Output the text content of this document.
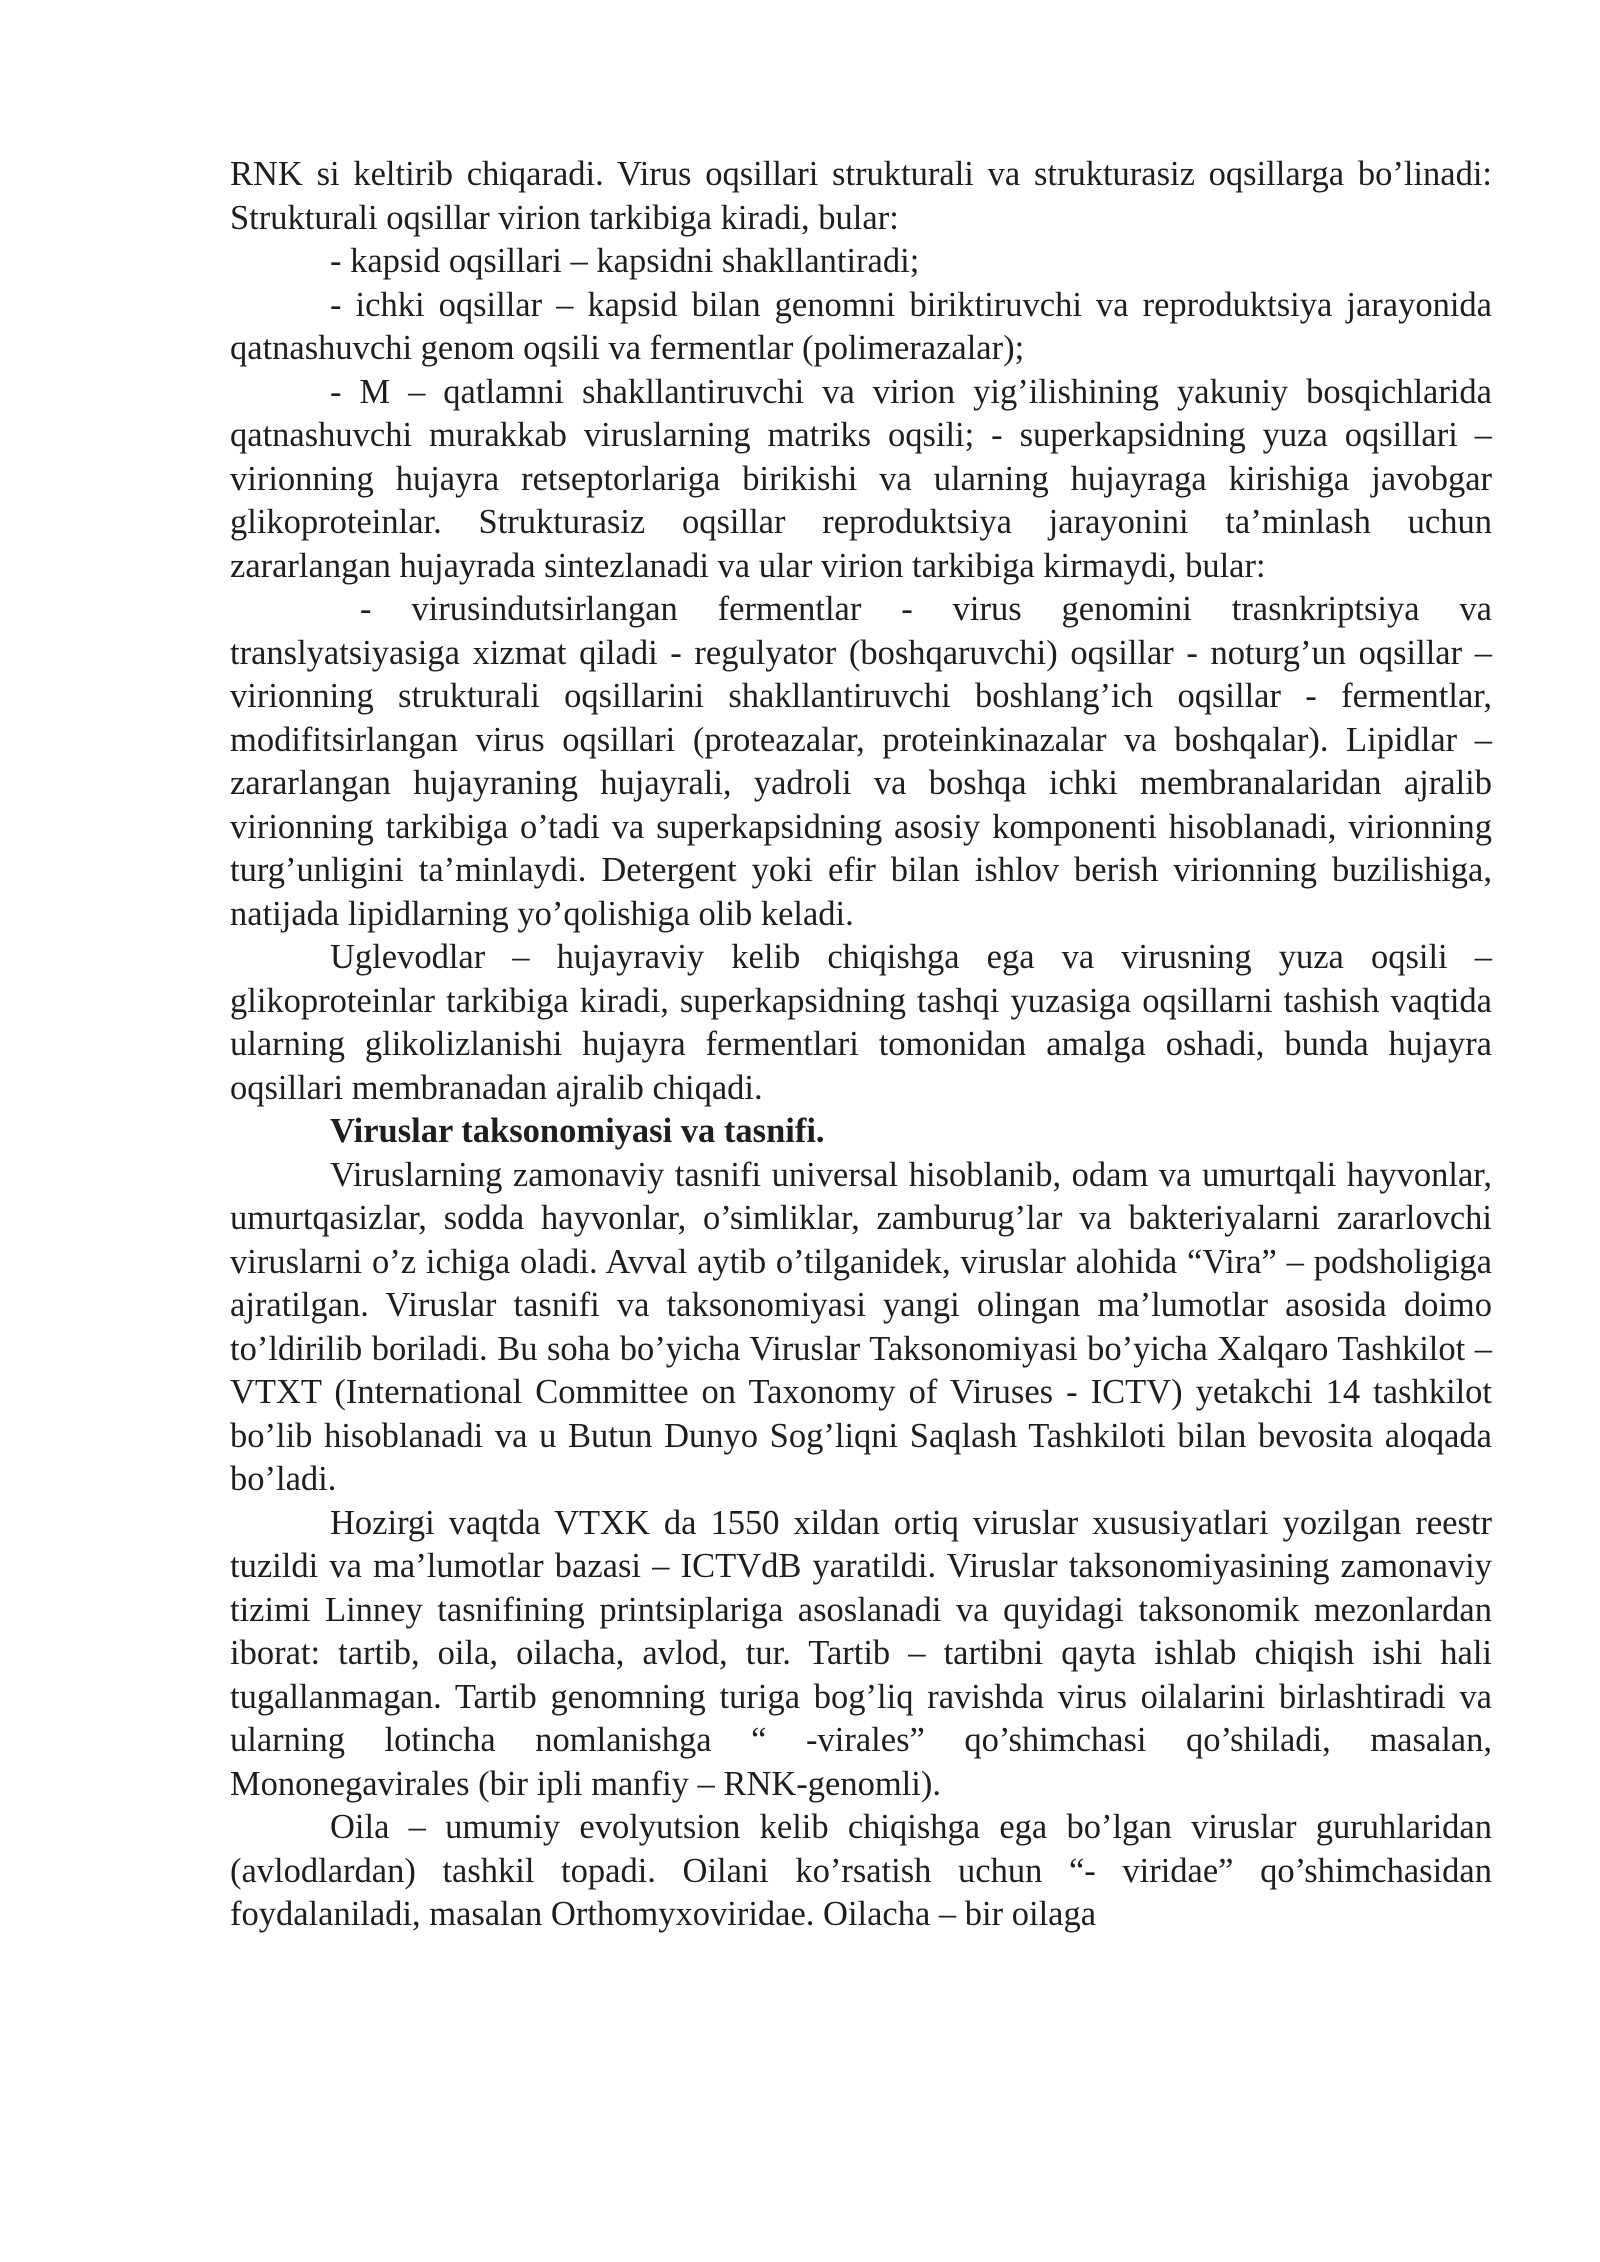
RNK si keltirib chiqaradi. Virus oqsillari strukturali va strukturasiz oqsillarga bo’linadi: Strukturali oqsillar virion tarkibiga kiradi, bular:

- kapsid oqsillari – kapsidni shakllantiradi;

- ichki oqsillar – kapsid bilan genomni biriktiruvchi va reproduktsiya jarayonida qatnashuvchi genom oqsili va fermentlar (polimerazalar);

- M – qatlamni shakllantiruvchi va virion yig’ilishining yakuniy bosqichlarida qatnashuvchi murakkab viruslarning matriks oqsili; - superkapsidning yuza oqsillari – virionning hujayra retseptorlariga birikishi va ularning hujayraga kirishiga javobgar glikoproteinlar. Strukturasiz oqsillar reproduktsiya jarayonini ta’minlash uchun zararlangan hujayrada sintezlanadi va ular virion tarkibiga kirmaydi, bular:

- virusindutsirlangan fermentlar - virus genomini trasnkriptsiya va translyatsiyasiga xizmat qiladi - regulyator (boshqaruvchi) oqsillar - noturg’un oqsillar – virionning strukturali oqsillarini shakllantiruvchi boshlang’ich oqsillar - fermentlar, modifitsirlangan virus oqsillari (proteazalar, proteinkinazalar va boshqalar). Lipidlar – zararlangan hujayraning hujayrali, yadroli va boshqa ichki membranalaridan ajralib virionning tarkibiga o’tadi va superkapsidning asosiy komponenti hisoblanadi, virionning turg’unligini ta’minlaydi. Detergent yoki efir bilan ishlov berish virionning buzilishiga, natijada lipidlarning yo’qolishiga olib keladi.

Uglevodlar – hujayraviy kelib chiqishga ega va virusning yuza oqsili – glikoproteinlar tarkibiga kiradi, superkapsidning tashqi yuzasiga oqsillarni tashish vaqtida ularning glikolizlanishi hujayra fermentlari tomonidan amalga oshadi, bunda hujayra oqsillari membranadan ajralib chiqadi.

Viruslar taksonomiyasi va tasnifi.

Viruslarning zamonaviy tasnifi universal hisoblanib, odam va umurtqali hayvonlar, umurtqasizlar, sodda hayvonlar, o’simliklar, zamburug’lar va bakteriyalarni zararlovchi viruslarni o’z ichiga oladi. Avval aytib o’tilganidek, viruslar alohida “Vira” – podsholigiga ajratilgan. Viruslar tasnifi va taksonomiyasi yangi olingan ma’lumotlar asosida doimo to’ldirilib boriladi. Bu soha bo’yicha Viruslar Taksonomiyasi bo’yicha Xalqaro Tashkilot – VTXT (International Committee on Taxonomy of Viruses - ICTV) yetakchi 14 tashkilot bo’lib hisoblanadi va u Butun Dunyo Sog’liqni Saqlash Tashkiloti bilan bevosita aloqada bo’ladi.

Hozirgi vaqtda VTXK da 1550 xildan ortiq viruslar xususiyatlari yozilgan reestr tuzildi va ma’lumotlar bazasi – ICTVdB yaratildi. Viruslar taksonomiyasining zamonaviy tizimi Linney tasnifining printsiplariga asoslanadi va quyidagi taksonomik mezonlardan iborat: tartib, oila, oilacha, avlod, tur. Tartib – tartibni qayta ishlab chiqish ishi hali tugallanmagan. Tartib genomning turiga bog’liq ravishda virus oilalarini birlashtiradi va ularning lotincha nomlanishga “ -virales” qo’shimchasi qo’shiladi, masalan, Mononegavirales (bir ipli manfiy – RNK-genomli).

Oila – umumiy evolyutsion kelib chiqishga ega bo’lgan viruslar guruhlaridan (avlodlardan) tashkil topadi. Oilani ko’rsatish uchun “- viridae” qo’shimchasidan foydalaniladi, masalan Orthomyxoviridae. Oilacha – bir oilaga
